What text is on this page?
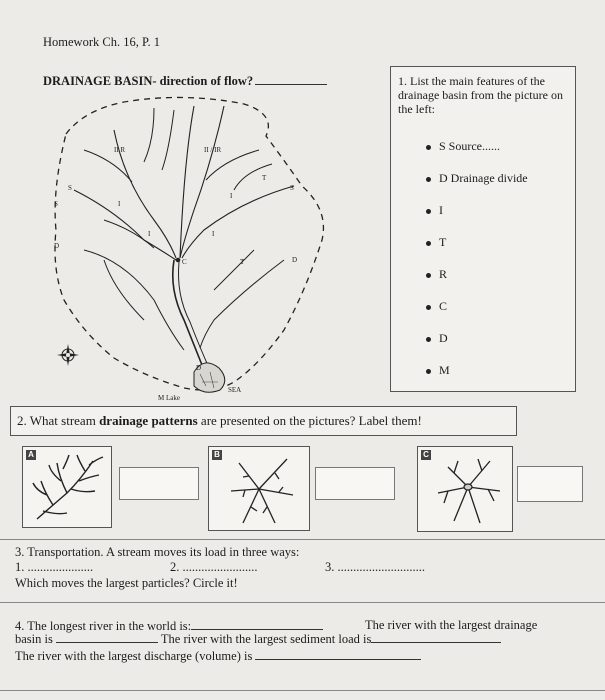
Homework Ch. 16, P. 1
DRAINAGE BASIN- direction of flow?
S
S
D
II R	II / IR
T
S
I
I	I
I
C	T	D
D
M Lake
SEA
1. List the main features of the drainage basin from the picture on the left:
S Source......
D Drainage divide
I
T
R
C
D
M
2. What stream drainage patterns are presented on the pictures? Label them!
A	B	C
3. Transportation. A stream moves its load in three ways:
1. .....................	2. ........................	3. ............................
Which moves the largest particles? Circle it!
4. The longest river in the world is:	The river with the largest drainage
basin is	The river with the largest sediment load is
The river with the largest discharge (volume) is
